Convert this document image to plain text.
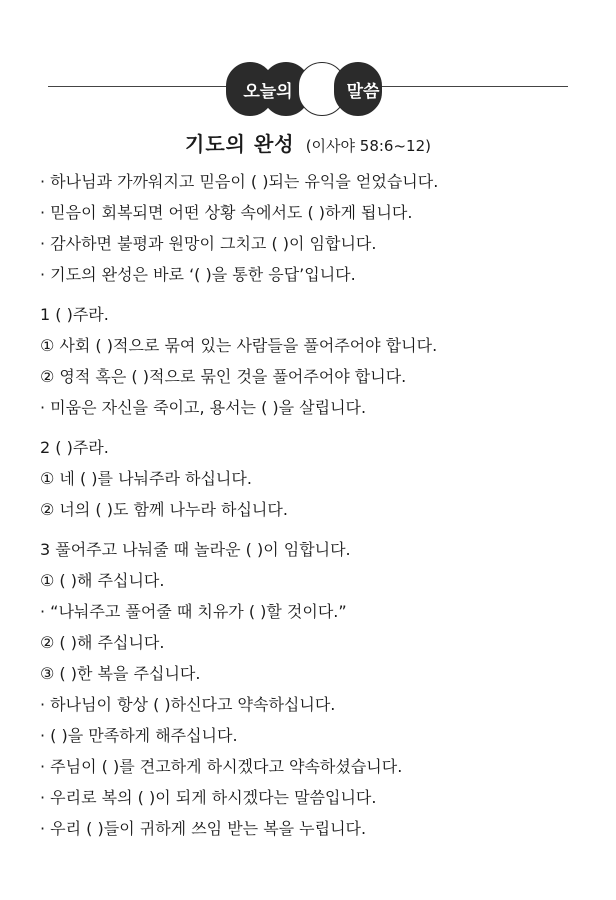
오늘의	말씀
기도의 완성 (이사야 58:6~12)
· 하나님과 가까워지고 믿음이 ( )되는 유익을 얻었습니다.
· 믿음이 회복되면 어떤 상황 속에서도 ( )하게 됩니다.
· 감사하면 불평과 원망이 그치고 ( )이 임합니다.
· 기도의 완성은 바로 ‘( )을 통한 응답’입니다.
1 ( )주라.
① 사회 ( )적으로 묶여 있는 사람들을 풀어주어야 합니다.
② 영적 혹은 ( )적으로 묶인 것을 풀어주어야 합니다.
· 미움은 자신을 죽이고, 용서는 ( )을 살립니다.
2 ( )주라.
① 네 ( )를 나눠주라 하십니다.
② 너의 ( )도 함께 나누라 하십니다.
3 풀어주고 나눠줄 때 놀라운 ( )이 임합니다.
① ( )해 주십니다.
· “나눠주고 풀어줄 때 치유가 ( )할 것이다.”
② ( )해 주십니다.
③ ( )한 복을 주십니다.
· 하나님이 항상 ( )하신다고 약속하십니다.
· ( )을 만족하게 해주십니다.
· 주님이 ( )를 견고하게 하시겠다고 약속하셨습니다.
· 우리로 복의 ( )이 되게 하시겠다는 말씀입니다.
· 우리 ( )들이 귀하게 쓰임 받는 복을 누립니다.
